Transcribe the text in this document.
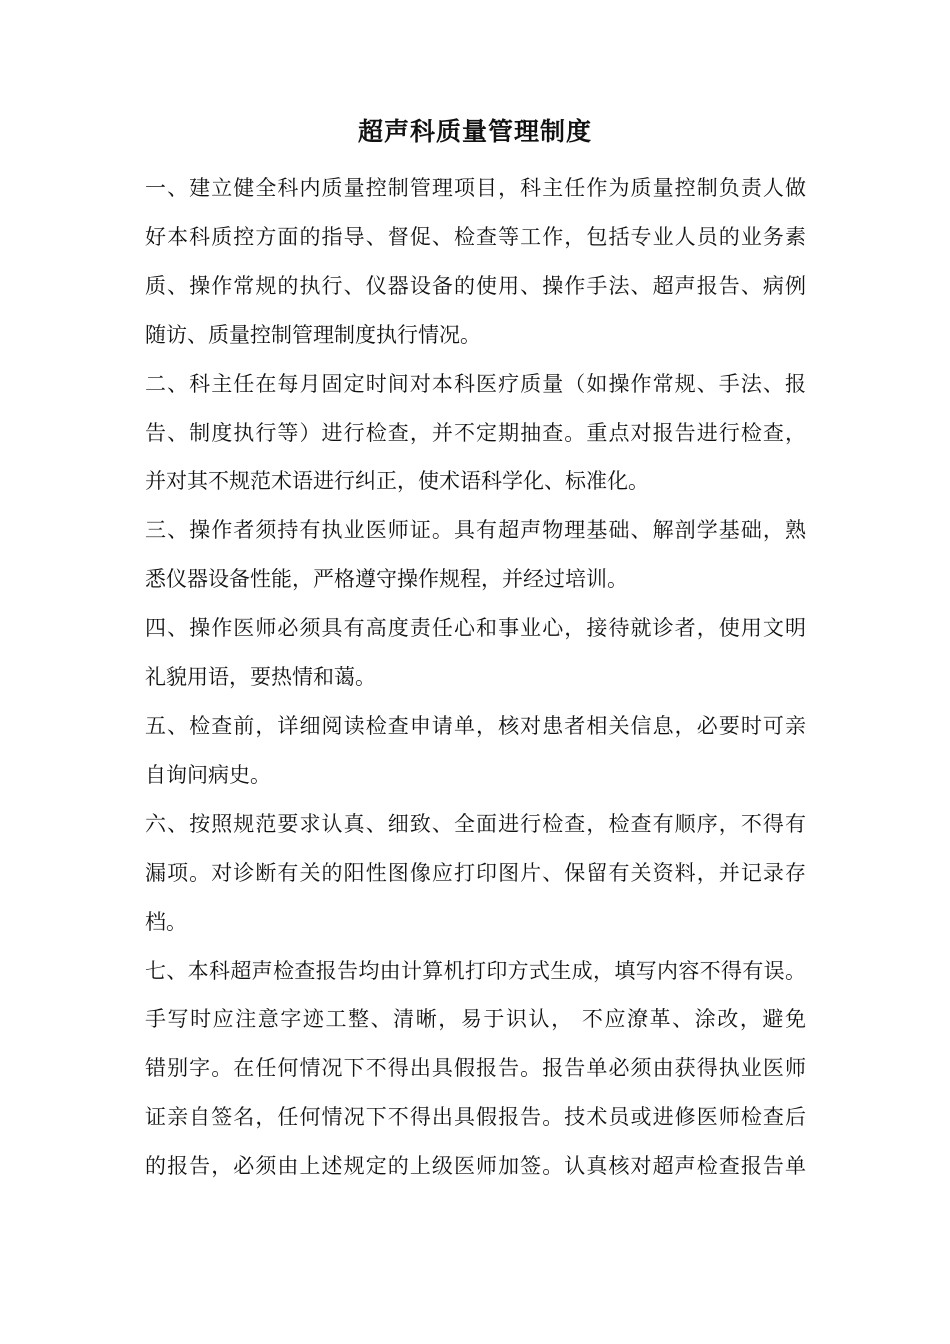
超声科质量管理制度

一、建立健全科内质量控制管理项目，科主任作为质量控制负责人做
好本科质控方面的指导、督促、检查等工作，包括专业人员的业务素
质、操作常规的执行、仪器设备的使用、操作手法、超声报告、病例
随访、质量控制管理制度执行情况。

二、科主任在每月固定时间对本科医疗质量（如操作常规、手法、报
告、制度执行等）进行检查，并不定期抽查。重点对报告进行检查，
并对其不规范术语进行纠正，使术语科学化、标准化。

三、操作者须持有执业医师证。具有超声物理基础、解剖学基础，熟
悉仪器设备性能，严格遵守操作规程，并经过培训。

四、操作医师必须具有高度责任心和事业心，接待就诊者，使用文明
礼貌用语，要热情和蔼。

五、检查前，详细阅读检查申请单，核对患者相关信息，必要时可亲
自询问病史。

六、按照规范要求认真、细致、全面进行检查，检查有顺序，不得有
漏项。对诊断有关的阳性图像应打印图片、保留有关资料，并记录存
档。

七、本科超声检查报告均由计算机打印方式生成，填写内容不得有误。
手写时应注意字迹工整、清晰，易于识认， 不应潦革、涂改，避免
错别字。在任何情况下不得出具假报告。报告单必须由获得执业医师
证亲自签名，任何情况下不得出具假报告。技术员或进修医师检查后
的报告，必须由上述规定的上级医师加签。认真核对超声检查报告单
